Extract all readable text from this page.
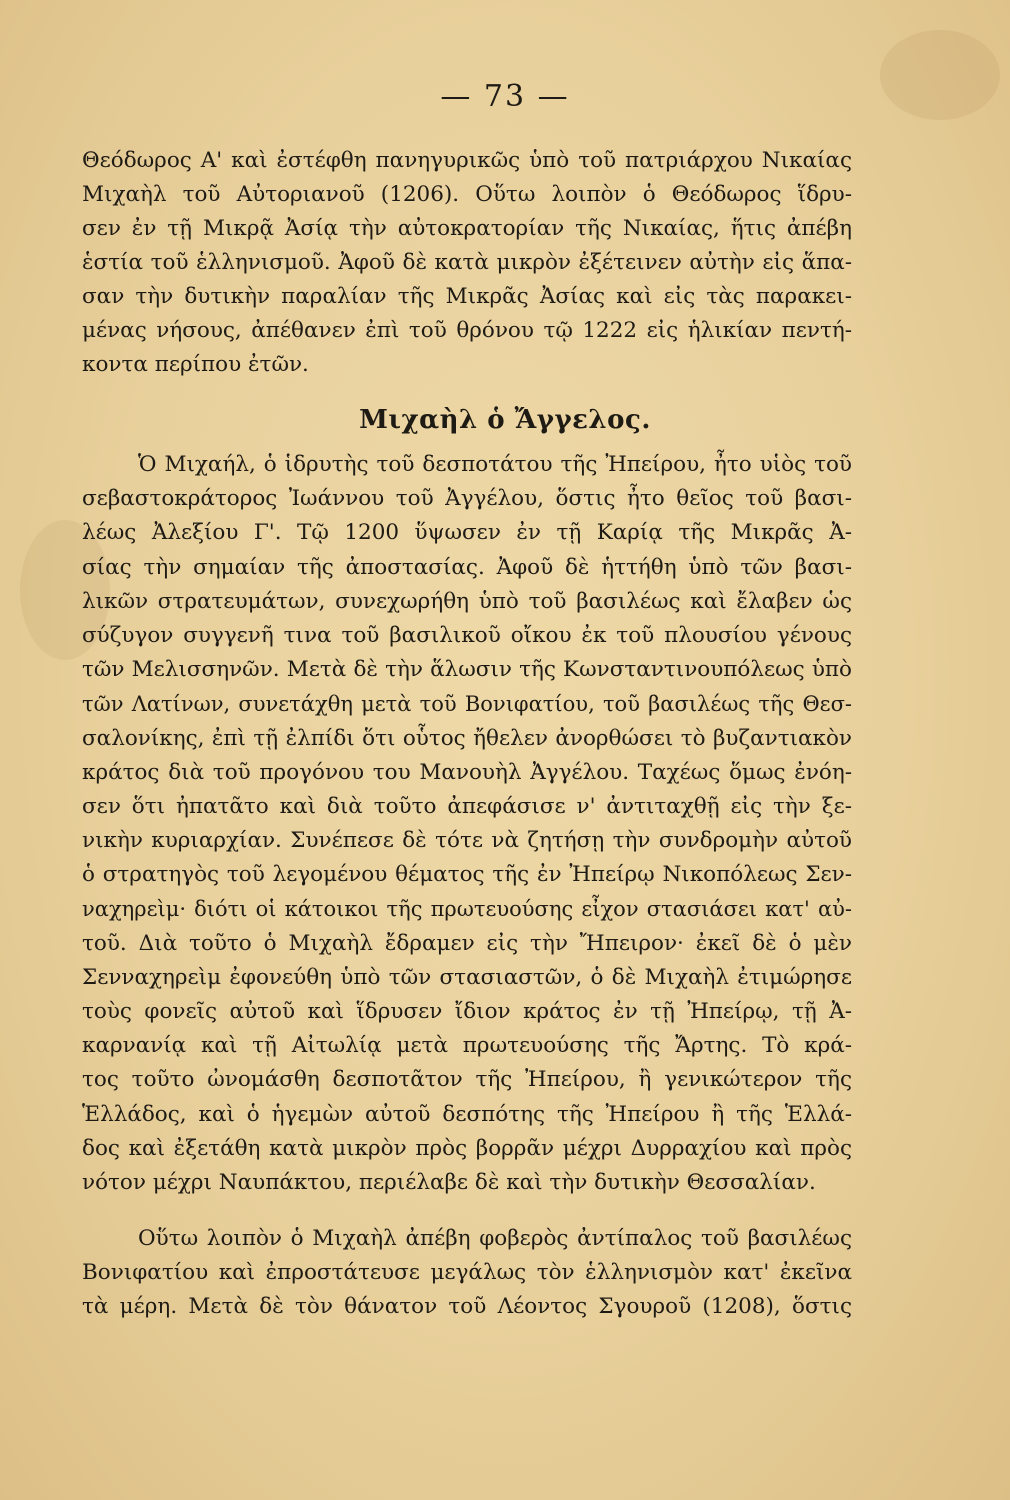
— 73 —
Θεόδωρος Α' καὶ ἐστέφθη πανηγυρικῶς ὑπὸ τοῦ πατριάρχου Νικαίας
Μιχαὴλ τοῦ Αὐτοριανοῦ (1206). Οὕτω λοιπὸν ὁ Θεόδωρος ἵδρυ-
σεν ἐν τῇ Μικρᾷ Ἀσίᾳ τὴν αὐτοκρατορίαν τῆς Νικαίας, ἥτις ἀπέβη
ἑστία τοῦ ἑλληνισμοῦ. Ἀφοῦ δὲ κατὰ μικρὸν ἐξέτεινεν αὐτὴν εἰς ἅπα-
σαν τὴν δυτικὴν παραλίαν τῆς Μικρᾶς Ἀσίας καὶ εἰς τὰς παρακει-
μένας νήσους, ἀπέθανεν ἐπὶ τοῦ θρόνου τῷ 1222 εἰς ἡλικίαν πεντή-
κοντα περίπου ἐτῶν.
Μιχαὴλ ὁ Ἄγγελος.
Ὁ Μιχαήλ, ὁ ἱδρυτὴς τοῦ δεσποτάτου τῆς Ἠπείρου, ἦτο υἱὸς τοῦ
σεβαστοκράτορος Ἰωάννου τοῦ Ἀγγέλου, ὅστις ἦτο θεῖος τοῦ βασι-
λέως Ἀλεξίου Γ'. Τῷ 1200 ὕψωσεν ἐν τῇ Καρίᾳ τῆς Μικρᾶς Ἀ-
σίας τὴν σημαίαν τῆς ἀποστασίας. Ἀφοῦ δὲ ἡττήθη ὑπὸ τῶν βασι-
λικῶν στρατευμάτων, συνεχωρήθη ὑπὸ τοῦ βασιλέως καὶ ἔλαβεν ὡς
σύζυγον συγγενῆ τινα τοῦ βασιλικοῦ οἴκου ἐκ τοῦ πλουσίου γένους
τῶν Μελισσηνῶν. Μετὰ δὲ τὴν ἅλωσιν τῆς Κωνσταντινουπόλεως ὑπὸ
τῶν Λατίνων, συνετάχθη μετὰ τοῦ Βονιφατίου, τοῦ βασιλέως τῆς Θεσ-
σαλονίκης, ἐπὶ τῇ ἐλπίδι ὅτι οὗτος ἤθελεν ἀνορθώσει τὸ βυζαντιακὸν
κράτος διὰ τοῦ προγόνου του Μανουὴλ Ἀγγέλου. Ταχέως ὅμως ἐνόη-
σεν ὅτι ἠπατᾶτο καὶ διὰ τοῦτο ἀπεφάσισε ν' ἀντιταχθῇ εἰς τὴν ξε-
νικὴν κυριαρχίαν. Συνέπεσε δὲ τότε νὰ ζητήσῃ τὴν συνδρομὴν αὐτοῦ
ὁ στρατηγὸς τοῦ λεγομένου θέματος τῆς ἐν Ἠπείρῳ Νικοπόλεως Σεν-
ναχηρεὶμ· διότι οἱ κάτοικοι τῆς πρωτευούσης εἶχον στασιάσει κατ' αὐ-
τοῦ. Διὰ τοῦτο ὁ Μιχαὴλ ἔδραμεν εἰς τὴν Ἤπειρον· ἐκεῖ δὲ ὁ μὲν
Σενναχηρεὶμ ἐφονεύθη ὑπὸ τῶν στασιαστῶν, ὁ δὲ Μιχαὴλ ἐτιμώρησε
τοὺς φονεῖς αὐτοῦ καὶ ἵδρυσεν ἴδιον κράτος ἐν τῇ Ἠπείρῳ, τῇ Ἀ-
καρνανίᾳ καὶ τῇ Αἰτωλίᾳ μετὰ πρωτευούσης τῆς Ἄρτης. Τὸ κρά-
τος τοῦτο ὠνομάσθη δεσποτᾶτον τῆς Ἠπείρου, ἢ γενικώτερον τῆς
Ἑλλάδος, καὶ ὁ ἡγεμὼν αὐτοῦ δεσπότης τῆς Ἠπείρου ἢ τῆς Ἑλλά-
δος καὶ ἐξετάθη κατὰ μικρὸν πρὸς βορρᾶν μέχρι Δυρραχίου καὶ πρὸς
νότον μέχρι Ναυπάκτου, περιέλαβε δὲ καὶ τὴν δυτικὴν Θεσσαλίαν.
Οὕτω λοιπὸν ὁ Μιχαὴλ ἀπέβη φοβερὸς ἀντίπαλος τοῦ βασιλέως
Βονιφατίου καὶ ἐπροστάτευσε μεγάλως τὸν ἑλληνισμὸν κατ' ἐκεῖνα
τὰ μέρη. Μετὰ δὲ τὸν θάνατον τοῦ Λέοντος Σγουροῦ (1208), ὅστις
